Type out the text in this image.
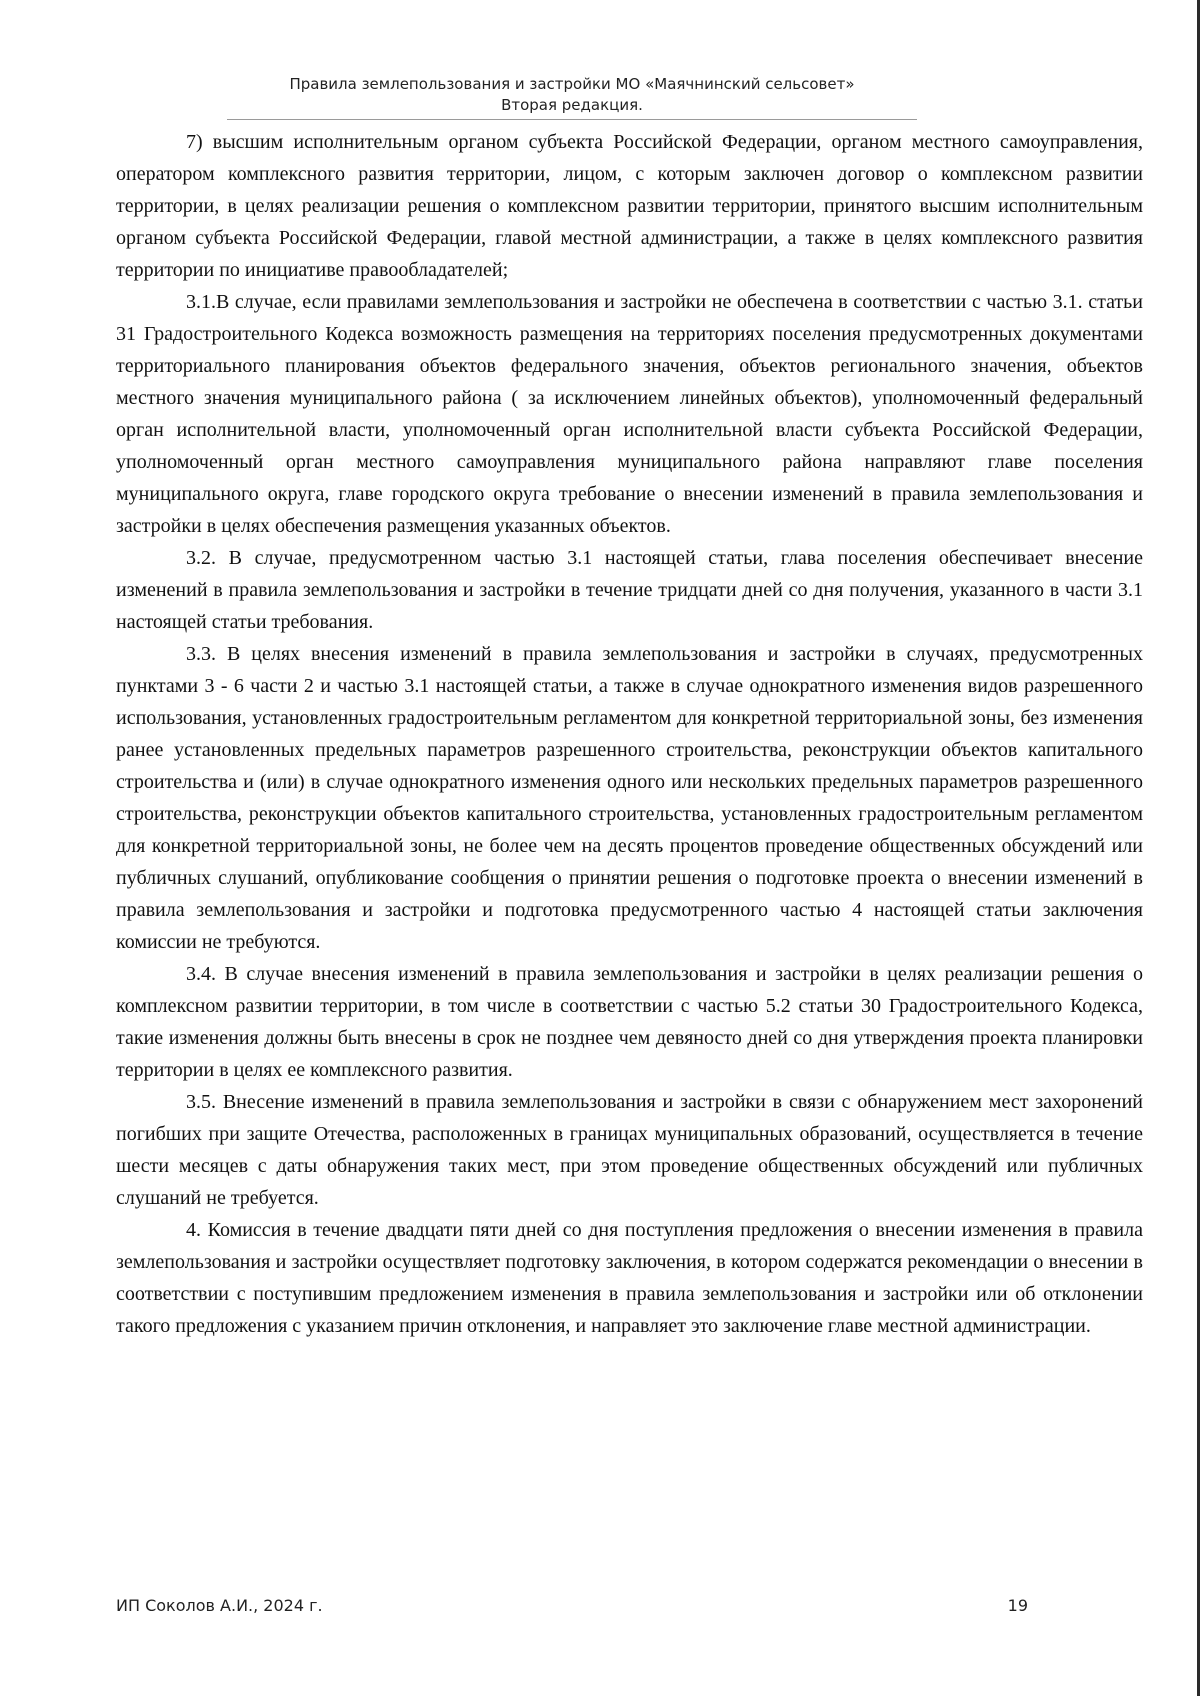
Правила землепользования и застройки МО «Маячнинский сельсовет»
Вторая редакция.

7) высшим исполнительным органом субъекта Российской Федерации, органом местного самоуправления, оператором комплексного развития территории, лицом, с которым заключен договор о комплексном развитии территории, в целях реализации решения о комплексном развитии территории, принятого высшим исполнительным органом субъекта Российской Федерации, главой местной администрации, а также в целях комплексного развития территории по инициативе правообладателей;

3.1.В случае, если правилами землепользования и застройки не обеспечена в соответствии с частью 3.1. статьи 31 Градостроительного Кодекса возможность размещения на территориях поселения предусмотренных документами территориального планирования объектов федерального значения, объектов регионального значения, объектов местного значения муниципального района ( за исключением линейных объектов), уполномоченный федеральный орган исполнительной власти, уполномоченный орган исполнительной власти субъекта Российской Федерации, уполномоченный орган местного самоуправления муниципального района направляют главе поселения муниципального округа, главе городского округа требование о внесении изменений в правила землепользования и застройки в целях обеспечения размещения указанных объектов.

3.2. В случае, предусмотренном частью 3.1 настоящей статьи, глава поселения обеспечивает внесение изменений в правила землепользования и застройки в течение тридцати дней со дня получения, указанного в части 3.1 настоящей статьи требования.

3.3. В целях внесения изменений в правила землепользования и застройки в случаях, предусмотренных пунктами 3 - 6 части 2 и частью 3.1 настоящей статьи, а также в случае однократного изменения видов разрешенного использования, установленных градостроительным регламентом для конкретной территориальной зоны, без изменения ранее установленных предельных параметров разрешенного строительства, реконструкции объектов капитального строительства и (или) в случае однократного изменения одного или нескольких предельных параметров разрешенного строительства, реконструкции объектов капитального строительства, установленных градостроительным регламентом для конкретной территориальной зоны, не более чем на десять процентов проведение общественных обсуждений или публичных слушаний, опубликование сообщения о принятии решения о подготовке проекта о внесении изменений в правила землепользования и застройки и подготовка предусмотренного частью 4 настоящей статьи заключения комиссии не требуются.

3.4. В случае внесения изменений в правила землепользования и застройки в целях реализации решения о комплексном развитии территории, в том числе в соответствии с частью 5.2 статьи 30 Градостроительного Кодекса, такие изменения должны быть внесены в срок не позднее чем девяносто дней со дня утверждения проекта планировки территории в целях ее комплексного развития.

3.5. Внесение изменений в правила землепользования и застройки в связи с обнаружением мест захоронений погибших при защите Отечества, расположенных в границах муниципальных образований, осуществляется в течение шести месяцев с даты обнаружения таких мест, при этом проведение общественных обсуждений или публичных слушаний не требуется.

4. Комиссия в течение двадцати пяти дней со дня поступления предложения о внесении изменения в правила землепользования и застройки осуществляет подготовку заключения, в котором содержатся рекомендации о внесении в соответствии с поступившим предложением изменения в правила землепользования и застройки или об отклонении такого предложения с указанием причин отклонения, и направляет это заключение главе местной администрации.

ИП Соколов А.И., 2024 г.	19
